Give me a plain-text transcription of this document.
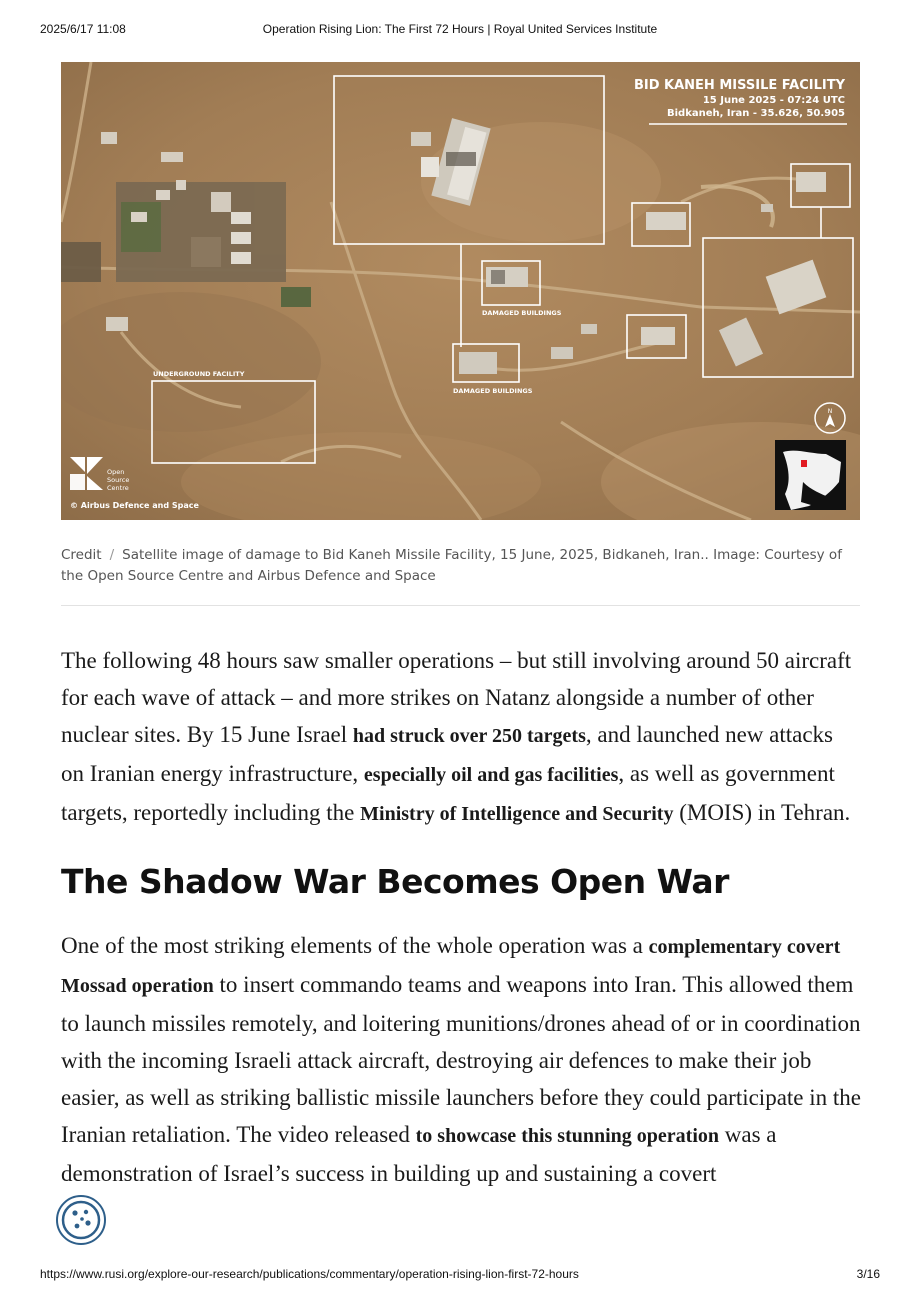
2025/6/17 11:08	Operation Rising Lion: The First 72 Hours | Royal United Services Institute
BID KANEH MISSILE FACILITY
15 June 2025 - 07:24 UTC
Bidkaneh, Iran - 35.626, 50.905
DAMAGED BUILDINGS
DAMAGED BUILDINGS
UNDERGROUND FACILITY
N
Open
Source
Centre
© Airbus Defence and Space
Credit / Satellite image of damage to Bid Kaneh Missile Facility, 15 June, 2025, Bidkaneh, Iran.. Image: Courtesy of the Open Source Centre and Airbus Defence and Space

The following 48 hours saw smaller operations – but still involving around 50 aircraft for each wave of attack – and more strikes on Natanz alongside a number of other nuclear sites. By 15 June Israel had struck over 250 targets, and launched new attacks on Iranian energy infrastructure, especially oil and gas facilities, as well as government targets, reportedly including the Ministry of Intelligence and Security (MOIS) in Tehran.

The Shadow War Becomes Open War

One of the most striking elements of the whole operation was a complementary covert Mossad operation to insert commando teams and weapons into Iran. This allowed them to launch missiles remotely, and loitering munitions/drones ahead of or in coordination with the incoming Israeli attack aircraft, destroying air defences to make their job easier, as well as striking ballistic missile launchers before they could participate in the Iranian retaliation. The video released to showcase this stunning operation was a demonstration of Israel’s success in building up and sustaining a covert

https://www.rusi.org/explore-our-research/publications/commentary/operation-rising-lion-first-72-hours	3/16
